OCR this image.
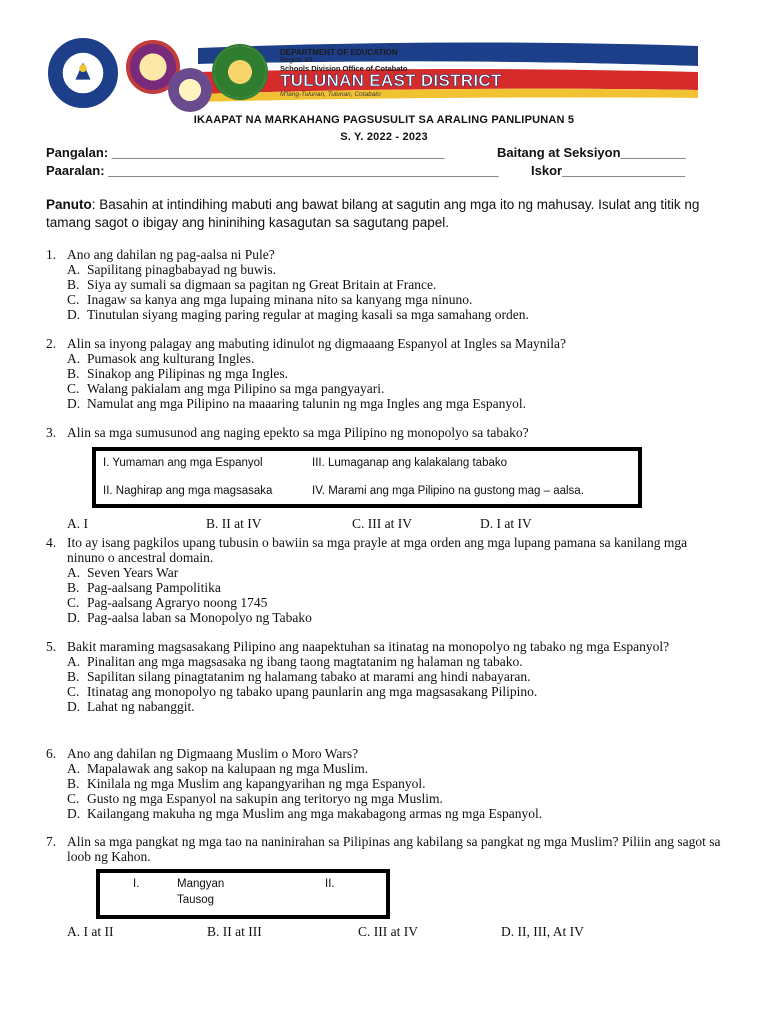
DEPARTMENT OF EDUCATION
Region XII
Schools Division Office of Cotabato
TULUNAN EAST DISTRICT
M'lang-Tulunan, Tulunan, Cotabato
IKAAPAT NA MARKAHANG PAGSUSULIT SA ARALING PANLIPUNAN 5
S. Y. 2022 - 2023
Pangalan: ______________________________________________	Baitang at Seksiyon_________
Paaralan: ______________________________________________________ Iskor_________________
Panuto: Basahin at intindihing mabuti ang bawat bilang at sagutin ang mga ito ng mahusay. Isulat ang titik ng tamang sagot o ibigay ang hininihing kasagutan sa sagutang papel.
1. Ano ang dahilan ng pag-aalsa ni Pule?
A. Sapilitang pinagbabayad ng buwis.
B. Siya ay sumali sa digmaan sa pagitan ng Great Britain at France.
C. Inagaw sa kanya ang mga lupaing minana nito sa kanyang mga ninuno.
D. Tinutulan siyang maging paring regular at maging kasali sa mga samahang orden.
2. Alin sa inyong palagay ang mabuting idinulot ng digmaaang Espanyol at Ingles sa Maynila?
A. Pumasok ang kulturang Ingles.
B. Sinakop ang Pilipinas ng mga Ingles.
C. Walang pakialam ang mga Pilipino sa mga pangyayari.
D. Namulat ang mga Pilipino na maaaring talunin ng mga Ingles ang mga Espanyol.
3. Alin sa mga sumusunod ang naging epekto sa mga Pilipino ng monopolyo sa tabako?
I. Yumaman ang mga Espanyol	III. Lumaganap ang kalakalang tabako
II. Naghirap ang mga magsasaka	IV. Marami ang mga Pilipino na gustong mag – aalsa.
A. I	B. II at IV	C. III at IV	D. I at IV
4. Ito ay isang pagkilos upang tubusin o bawiin sa mga prayle at mga orden ang mga lupang pamana sa kanilang mga ninuno o ancestral domain.
A. Seven Years War
B. Pag-aalsang Pampolitika
C. Pag-aalsang Agraryo noong 1745
D. Pag-aalsa laban sa Monopolyo ng Tabako
5. Bakit maraming magsasakang Pilipino ang naapektuhan sa itinatag na monopolyo ng tabako ng mga Espanyol?
A. Pinalitan ang mga magsasaka ng ibang taong magtatanim ng halaman ng tabako.
B. Sapilitan silang pinagtatanim ng halamang tabako at marami ang hindi nabayaran.
C. Itinatag ang monopolyo ng tabako upang paunlarin ang mga magsasakang Pilipino.
D. Lahat ng nabanggit.
6. Ano ang dahilan ng Digmaang Muslim o Moro Wars?
A. Mapalawak ang sakop na kalupaan ng mga Muslim.
B. Kinilala ng mga Muslim ang kapangyarihan ng mga Espanyol.
C. Gusto ng mga Espanyol na sakupin ang teritoryo ng mga Muslim.
D. Kailangang makuha ng mga Muslim ang mga makabagong armas ng mga Espanyol.
7. Alin sa mga pangkat ng mga tao na naninirahan sa Pilipinas ang kabilang sa pangkat ng mga Muslim? Piliin ang sagot sa loob ng Kahon.
I.	Mangyan	II.
Tausog
A. I at II	B. II at III	C. III at IV	D. II, III, At IV
